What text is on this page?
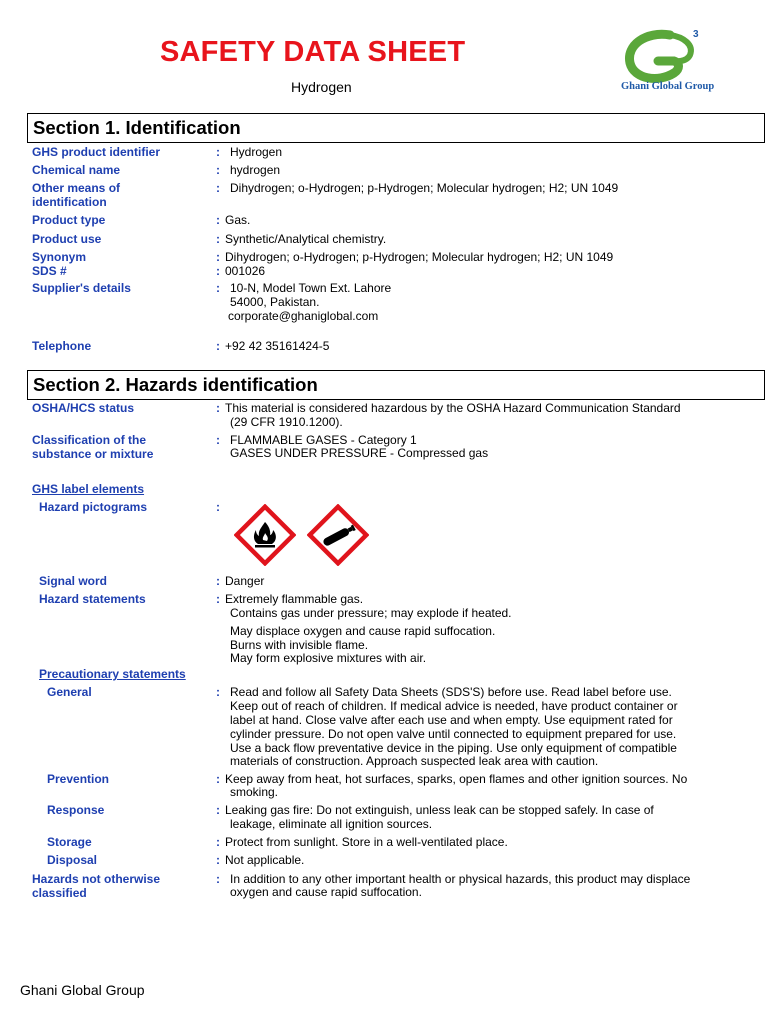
SAFETY DATA SHEET
Hydrogen
3
Ghani Global Group
Section 1. Identification
GHS product identifier	: Hydrogen
Chemical name	: hydrogen
Other means of
identification
: Dihydrogen; o-Hydrogen; p-Hydrogen; Molecular hydrogen; H2; UN 1049
Product type	: Gas.
Product use	: Synthetic/Analytical chemistry.
Synonym	: Dihydrogen; o-Hydrogen; p-Hydrogen; Molecular hydrogen; H2; UN 1049
SDS #	: 001026
Supplier's details	: 10-N, Model Town Ext. Lahore
54000, Pakistan.
corporate@ghaniglobal.com
Telephone	: +92 42 35161424-5
Section 2. Hazards identification
OSHA/HCS status	: This material is considered hazardous by the OSHA Hazard Communication Standard
(29 CFR 1910.1200).
Classification of the
substance or mixture
: FLAMMABLE GASES - Category 1
GASES UNDER PRESSURE - Compressed gas
GHS label elements
Hazard pictograms	:
Signal word	: Danger
Hazard statements	: Extremely flammable gas.
Contains gas under pressure; may explode if heated.
May displace oxygen and cause rapid suffocation.
Burns with invisible flame.
May form explosive mixtures with air.
Precautionary statements
General	: Read and follow all Safety Data Sheets (SDS'S) before use. Read label before use.
Keep out of reach of children. If medical advice is needed, have product container or
label at hand. Close valve after each use and when empty. Use equipment rated for
cylinder pressure. Do not open valve until connected to equipment prepared for use.
Use a back flow preventative device in the piping. Use only equipment of compatible
materials of construction. Approach suspected leak area with caution.
Prevention	: Keep away from heat, hot surfaces, sparks, open flames and other ignition sources. No
smoking.
Response	: Leaking gas fire: Do not extinguish, unless leak can be stopped safely. In case of
leakage, eliminate all ignition sources.
Storage	: Protect from sunlight. Store in a well-ventilated place.
Disposal	: Not applicable.
Hazards not otherwise
classified
: In addition to any other important health or physical hazards, this product may displace
oxygen and cause rapid suffocation.
Ghani Global Group
